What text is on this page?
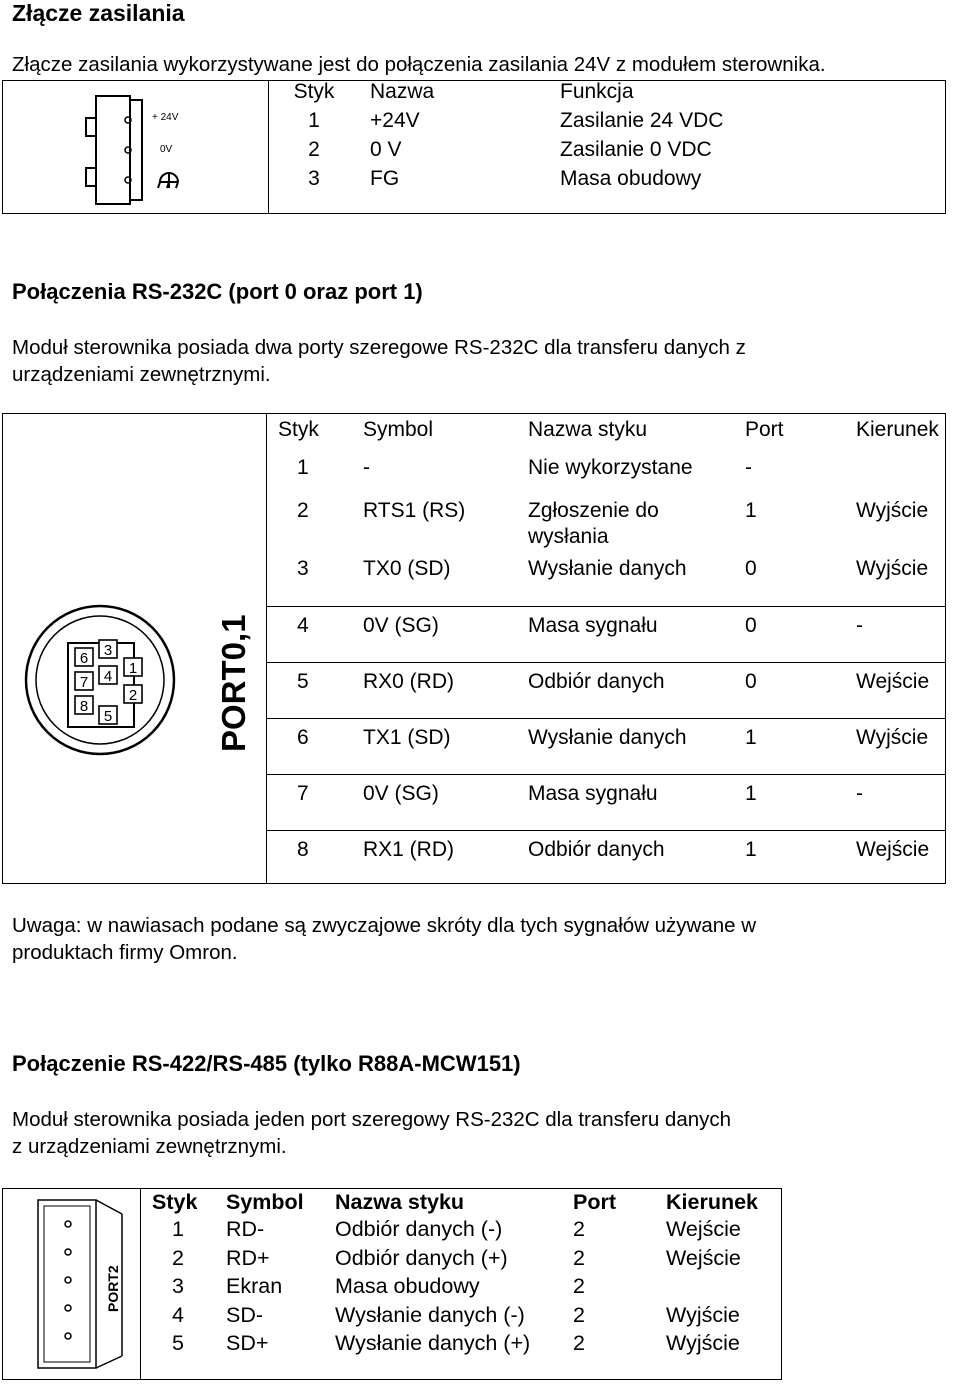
Złącze zasilania
Złącze zasilania wykorzystywane jest do połączenia zasilania 24V z modułem sterownika.
+ 24V
0V
Styk	Nazwa	Funkcja
1	+24V	Zasilanie 24 VDC
2	0 V	Zasilanie 0 VDC
3	FG	Masa obudowy
Połączenia RS-232C (port 0 oraz port 1)
Moduł sterownika posiada dwa porty szeregowe RS-232C dla transferu danych z
urządzeniami zewnętrznymi.
6 3
7 4 1
8
5
2 PORT0,1
Styk	Symbol	Nazwa styku	Port	Kierunek
1	-	Nie wykorzystane	-	
2	RTS1 (RS)	Zgłoszenie do wysłania	1	Wyjście
3	TX0 (SD)	Wysłanie danych	0	Wyjście
4	0V (SG)	Masa sygnału	0	-
5	RX0 (RD)	Odbiór danych	0	Wejście
6	TX1 (SD)	Wysłanie danych	1	Wyjście
7	0V (SG)	Masa sygnału	1	-
8	RX1 (RD)	Odbiór danych	1	Wejście
Uwaga: w nawiasach podane są zwyczajowe skróty dla tych sygnałów używane w
produktach firmy Omron.
Połączenie RS-422/RS-485 (tylko R88A-MCW151)
Moduł sterownika posiada jeden port szeregowy RS-232C dla transferu danych
z urządzeniami zewnętrznymi.
PORT2
Styk	Symbol	Nazwa styku	Port	Kierunek
1	RD-	Odbiór danych (-)	2	Wejście
2	RD+	Odbiór danych (+)	2	Wejście
3	Ekran	Masa obudowy	2	
4	SD-	Wysłanie danych (-)	2	Wyjście
5	SD+	Wysłanie danych (+)	2	Wyjście
